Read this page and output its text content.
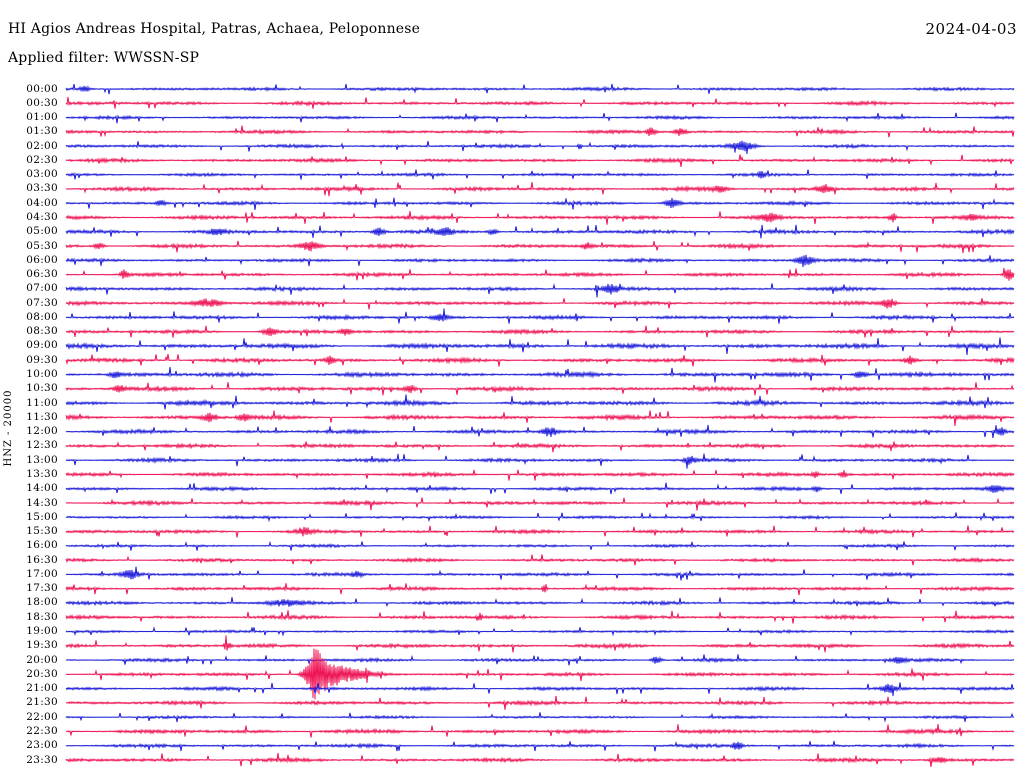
HI Agios Andreas Hospital, Patras, Achaea, Peloponnese	2024-04-03
Applied filter: WWSSN-SP
HNZ - 20000
00:00
00:30
01:00
01:30
02:00
02:30
03:00
03:30
04:00
04:30
05:00
05:30
06:00
06:30
07:00
07:30
08:00
08:30
09:00
09:30
10:00
10:30
11:00
11:30
12:00
12:30
13:00
13:30
14:00
14:30
15:00
15:30
16:00
16:30
17:00
17:30
18:00
18:30
19:00
19:30
20:00
20:30
21:00
21:30
22:00
22:30
23:00
23:30
